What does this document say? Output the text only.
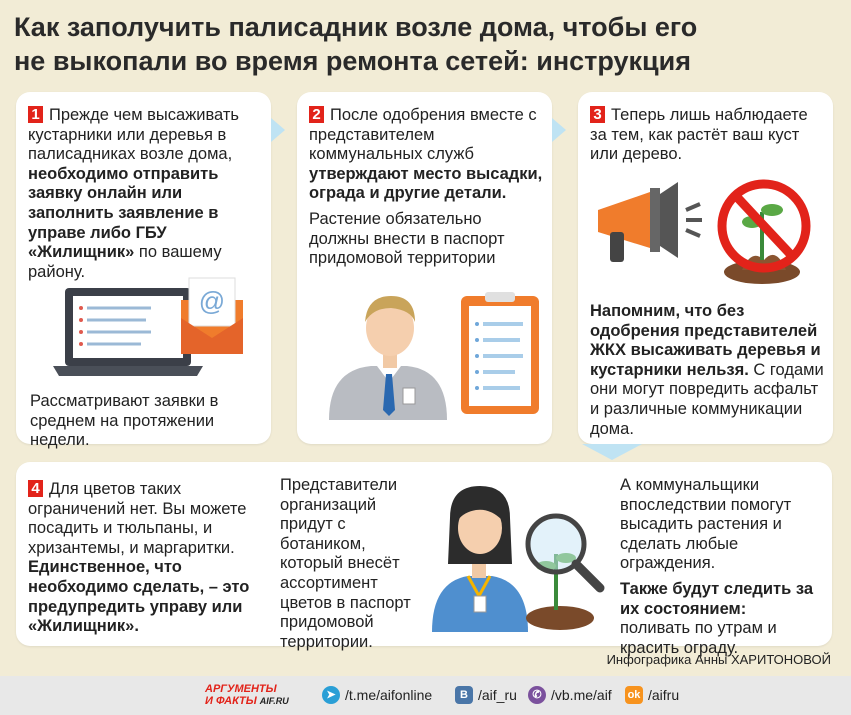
Как заполучить палисадник возле дома, чтобы его
не выкопали во время ремонта сетей: инструкция
1 Прежде чем высаживать кустарники или деревья в палисадниках возле дома, необходимо отправить заявку онлайн или заполнить заявление в управе либо ГБУ «Жилищник» по вашему району.
@
Рассматривают заявки в среднем на протяжении недели.
2 После одобрения вместе с представителем коммунальных служб утверждают место высадки, ограда и другие детали.
Растение обязательно должны внести в паспорт придомовой территории
3 Теперь лишь наблюдаете за тем, как растёт ваш куст или дерево.
Напомним, что без одобрения представителей ЖКХ высаживать деревья и кустарники нельзя. С годами они могут повредить асфальт и различные коммуникации дома.
4 Для цветов таких ограничений нет. Вы можете посадить и тюльпаны, и хризантемы, и маргаритки. Единственное, что необходимо сделать, – это предупредить управу или «Жилищник».
Представители организаций придут с ботаником, который внесёт ассортимент цветов в паспорт придомовой территории.
А коммунальщики впоследствии помогут высадить растения и сделать любые ограждения.
Также будут следить за их состоянием: поливать по утрам и красить ограду.
Инфографика Анны ХАРИТОНОВОЙ
АРГУМЕНТЫ
И ФАКТЫ AIF.RU	➤ /t.me/aifonline	B /aif_ru	✆ /vb.me/aif ok /aifru
